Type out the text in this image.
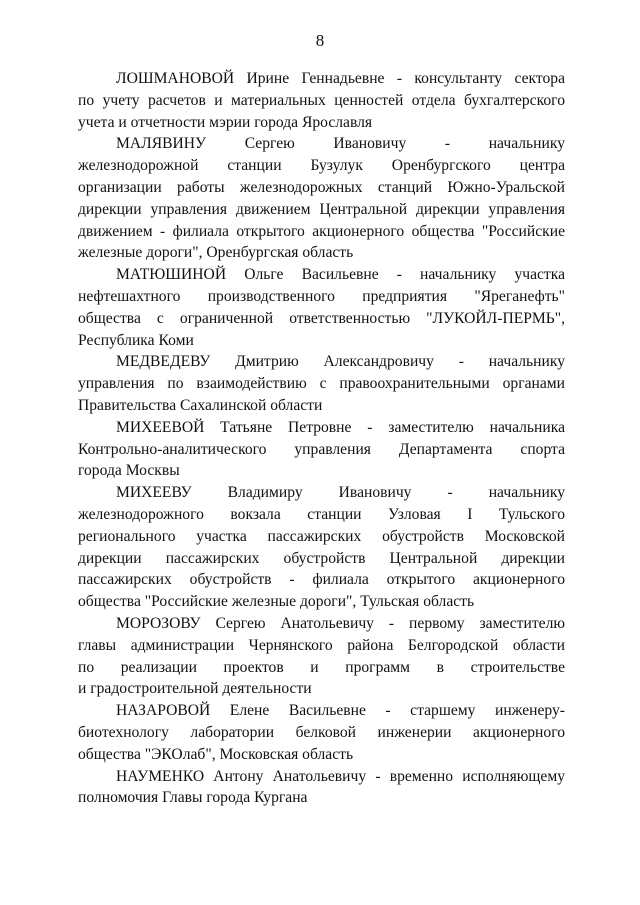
8
ЛОШМАНОВОЙ Ирине Геннадьевне - консультанту сектора
по учету расчетов и материальных ценностей отдела бухгалтерского
учета и отчетности мэрии города Ярославля
МАЛЯВИНУ Сергею Ивановичу - начальнику
железнодорожной станции Бузулук Оренбургского центра
организации работы железнодорожных станций Южно-Уральской
дирекции управления движением Центральной дирекции управления
движением - филиала открытого акционерного общества "Российские
железные дороги", Оренбургская область
МАТЮШИНОЙ Ольге Васильевне - начальнику участка
нефтешахтного производственного предприятия "Яреганефть"
общества с ограниченной ответственностью "ЛУКОЙЛ-ПЕРМЬ",
Республика Коми
МЕДВЕДЕВУ Дмитрию Александровичу - начальнику
управления по взаимодействию с правоохранительными органами
Правительства Сахалинской области
МИХЕЕВОЙ Татьяне Петровне - заместителю начальника
Контрольно-аналитического управления Департамента спорта
города Москвы
МИХЕЕВУ Владимиру Ивановичу - начальнику
железнодорожного вокзала станции Узловая I Тульского
регионального участка пассажирских обустройств Московской
дирекции пассажирских обустройств Центральной дирекции
пассажирских обустройств - филиала открытого акционерного
общества "Российские железные дороги", Тульская область
МОРОЗОВУ Сергею Анатольевичу - первому заместителю
главы администрации Чернянского района Белгородской области
по реализации проектов и программ в строительстве
и градостроительной деятельности
НАЗАРОВОЙ Елене Васильевне - старшему инженеру-
биотехнологу лаборатории белковой инженерии акционерного
общества "ЭКОлаб", Московская область
НАУМЕНКО Антону Анатольевичу - временно исполняющему
полномочия Главы города Кургана
